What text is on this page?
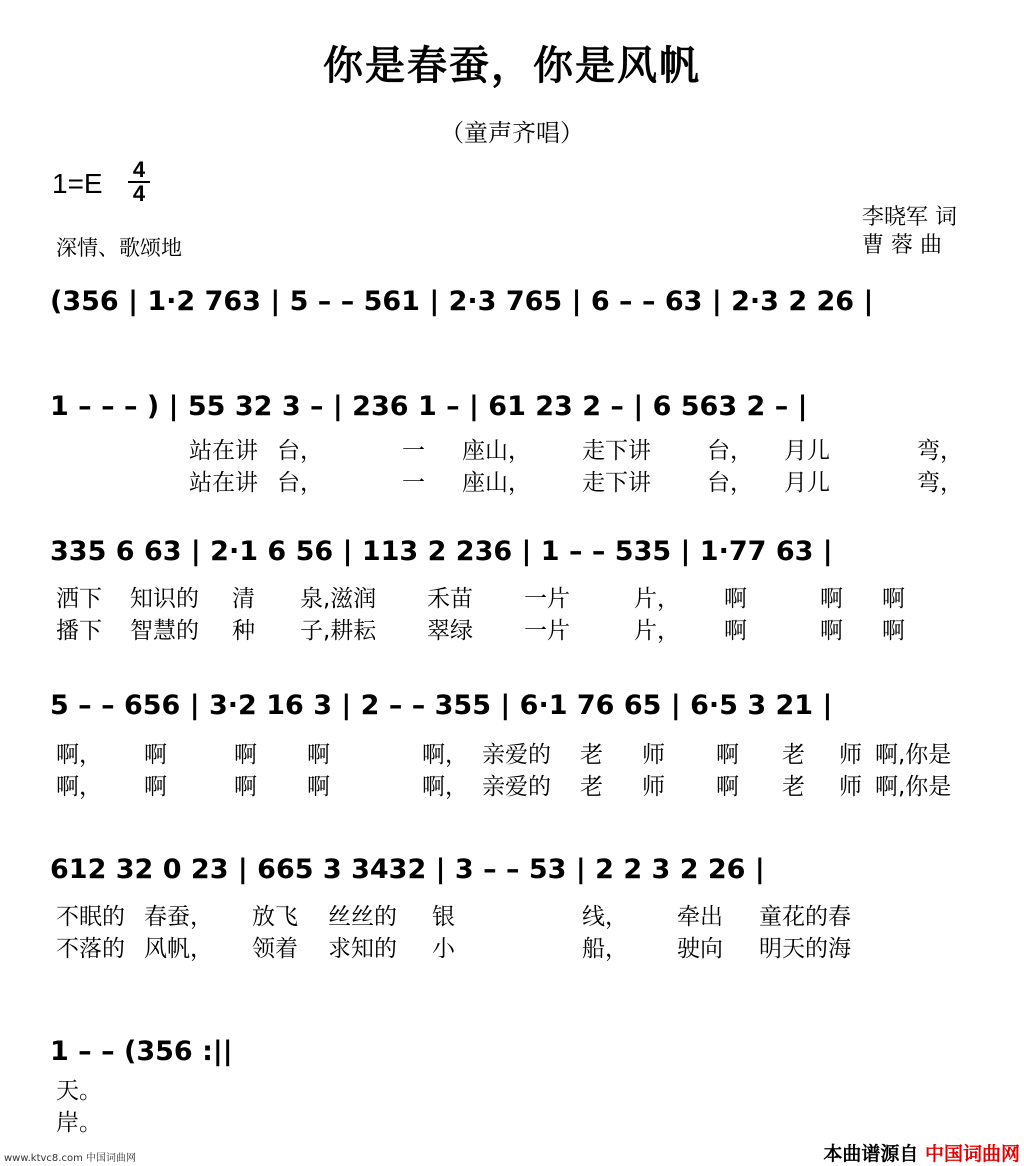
你是春蚕，你是风帆
（童声齐唱）
1=E 4
4
李晓军 词
曹 蓉 曲
深情、歌颂地
(356 | 1·2 763 | 5 – – 561 | 2·3 765 | 6 – – 63 | 2·3 2 26 |
1 – – – ) | 55 32 3 – | 236 1 – | 61 23 2 – | 6 563 2 – |
站在讲 台，	一 座山， 走下讲 台， 月儿	弯，
站在讲 台，	一 座山， 走下讲 台， 月儿	弯，
335 6 63 | 2·1 6 56 | 113 2 236 | 1 – – 535 | 1·77 63 |
洒下 知识的 清 泉,滋润 禾苗 一片	片， 啊	啊 啊
播下 智慧的 种 子,耕耘 翠绿 一片	片， 啊	啊 啊
5 – – 656 | 3·2 16 3 | 2 – – 355 | 6·1 76 65 | 6·5 3 21 |
啊， 啊	啊 啊	啊， 亲爱的 老 师 啊 老 师 啊,你是
啊， 啊	啊 啊	啊， 亲爱的 老 师 啊 老 师 啊,你是
612 32 0 23 | 665 3 3432 | 3 – – 53 | 2 2 3 2 26 |
不眠的 春蚕， 放飞 丝丝的 银	线， 牵出 童花的春
不落的 风帆， 领着 求知的 小	船， 驶向 明天的海
1 – – (356 :||
天。
岸。
www.ktvc8.com 中国词曲网	本曲谱源自 中国词曲网
